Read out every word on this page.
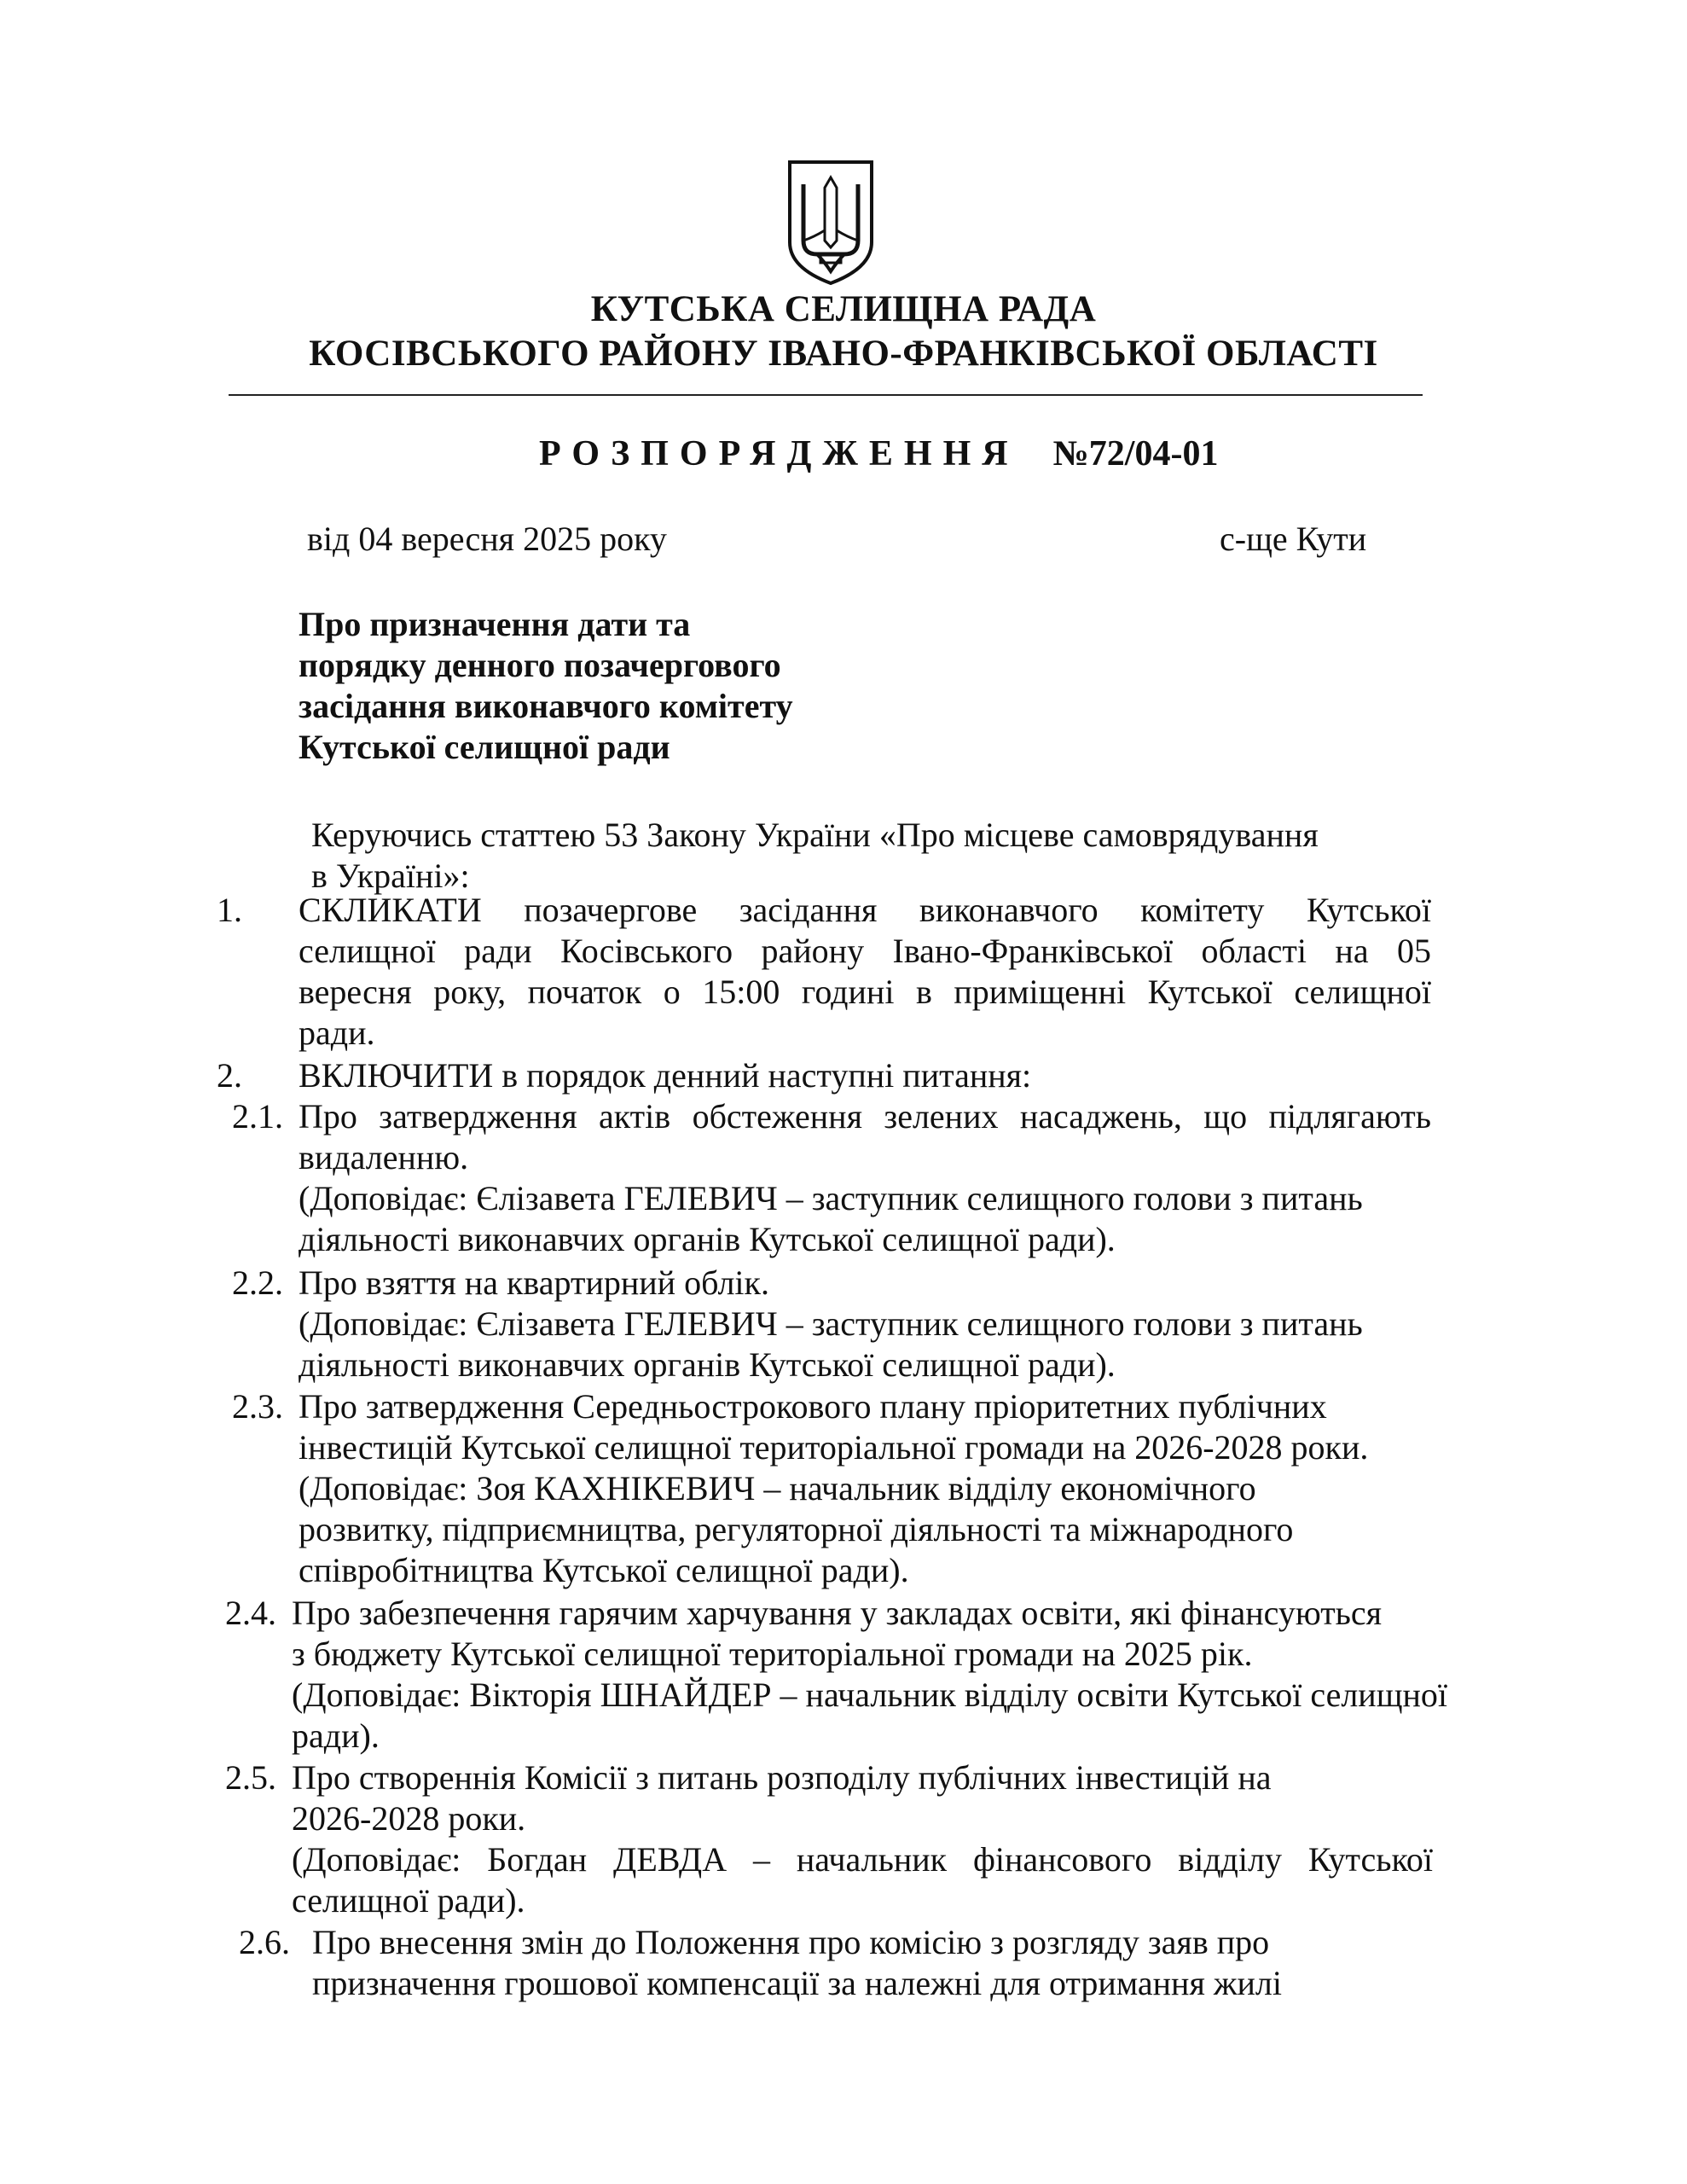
КУТСЬКА СЕЛИЩНА РАДА
КОСІВСЬКОГО РАЙОНУ ІВАНО-ФРАНКІВСЬКОЇ ОБЛАСТІ
РОЗПОРЯДЖЕННЯ №72/04-01
від 04 вересня 2025 року	с-ще Кути
Про призначення дати та
порядку денного позачергового
засідання виконавчого комітету
Кутської селищної ради
Керуючись статтею 53 Закону України «Про місцеве самоврядування
в Україні»:
1. СКЛИКАТИ позачергове засідання виконавчого комітету Кутської
селищної ради Косівського району Івано-Франківської області на 05
вересня року, початок о 15:00 годині в приміщенні Кутської селищної
ради.
2. ВКЛЮЧИТИ в порядок денний наступні питання:
2.1. Про затвердження актів обстеження зелених насаджень, що підлягають
видаленню.
(Доповідає: Єлізавета ГЕЛЕВИЧ – заступник селищного голови з питань
діяльності виконавчих органів Кутської селищної ради).
2.2. Про взяття на квартирний облік.
(Доповідає: Єлізавета ГЕЛЕВИЧ – заступник селищного голови з питань
діяльності виконавчих органів Кутської селищної ради).
2.3. Про затвердження Середньострокового плану пріоритетних публічних
інвестицій Кутської селищної територіальної громади на 2026-2028 роки.
(Доповідає: Зоя КАХНІКЕВИЧ – начальник відділу економічного
розвитку, підприємництва, регуляторної діяльності та міжнародного
співробітництва Кутської селищної ради).
2.4. Про забезпечення гарячим харчування у закладах освіти, які фінансуються
з бюджету Кутської селищної територіальної громади на 2025 рік.
(Доповідає: Вікторія ШНАЙДЕР – начальник відділу освіти Кутської селищної
ради).
2.5. Про створеннія Комісії з питань розподілу публічних інвестицій на
2026-2028 роки.
(Доповідає: Богдан ДЕВДА – начальник фінансового відділу Кутської
селищної ради).
2.6. Про внесення змін до Положення про комісію з розгляду заяв про
призначення грошової компенсації за належні для отримання жилі
